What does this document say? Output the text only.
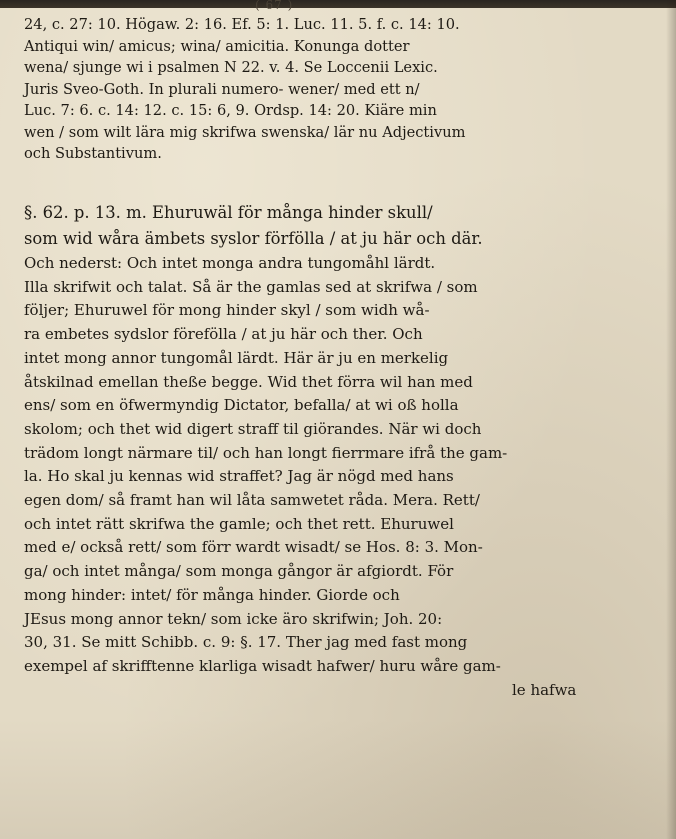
( 67 )
24, c. 27: 10. Högaw. 2: 16. Ef. 5: 1. Luc. 11. 5. f. c. 14: 10.
Antiqui win/ amicus; wina/ amicitia. Konunga dotter
wena/ sjunge wi i psalmen N 22. v. 4. Se Loccenii Lexic.
Juris Sveo-Goth. In plurali numero- wener/ med ett n/
Luc. 7: 6. c. 14: 12. c. 15: 6, 9. Ordsp. 14: 20. Kiäre min
wen / som wilt lära mig skrifwa swenska/ lär nu Adjectivum
och Substantivum.
§. 62. p. 13. m. Ehuruwäl för många hinder skull/
som wid wåra ämbets syslor förfölla / at ju här och där.
Och nederst: Och intet monga andra tungomåhl lärdt.
Illa skrifwit och talat. Så är the gamlas sed at skrifwa / som
följer; Ehuruwel för mong hinder skyl / som widh wå-
ra embetes sydslor förefölla / at ju här och ther. Och
intet mong annor tungomål lärdt. Här är ju en merkelig
åtskilnad emellan theße begge. Wid thet förra wil han med
ens/ som en öfwermyndig Dictator, befalla/ at wi oß holla
skolom; och thet wid digert straff til giörandes. När wi doch
trädom longt närmare til/ och han longt fierrmare ifrå the gam-
la. Ho skal ju kennas wid straffet? Jag är nögd med hans
egen dom/ så framt han wil låta samwetet råda. Mera. Rett/
och intet rätt skrifwa the gamle; och thet rett. Ehuruwel
med e/ också rett/ som förr wardt wisadt/ se Hos. 8: 3. Mon-
ga/ och intet många/ som monga gångor är afgiordt. För
mong hinder: intet/ för många hinder. Giorde och
JEsus mong annor tekn/ som icke äro skrifwin; Joh. 20:
30, 31. Se mitt Schibb. c. 9: §. 17. Ther jag med fast mong
exempel af skrifftenne klarliga wisadt hafwer/ huru wåre gam-
le hafwa
